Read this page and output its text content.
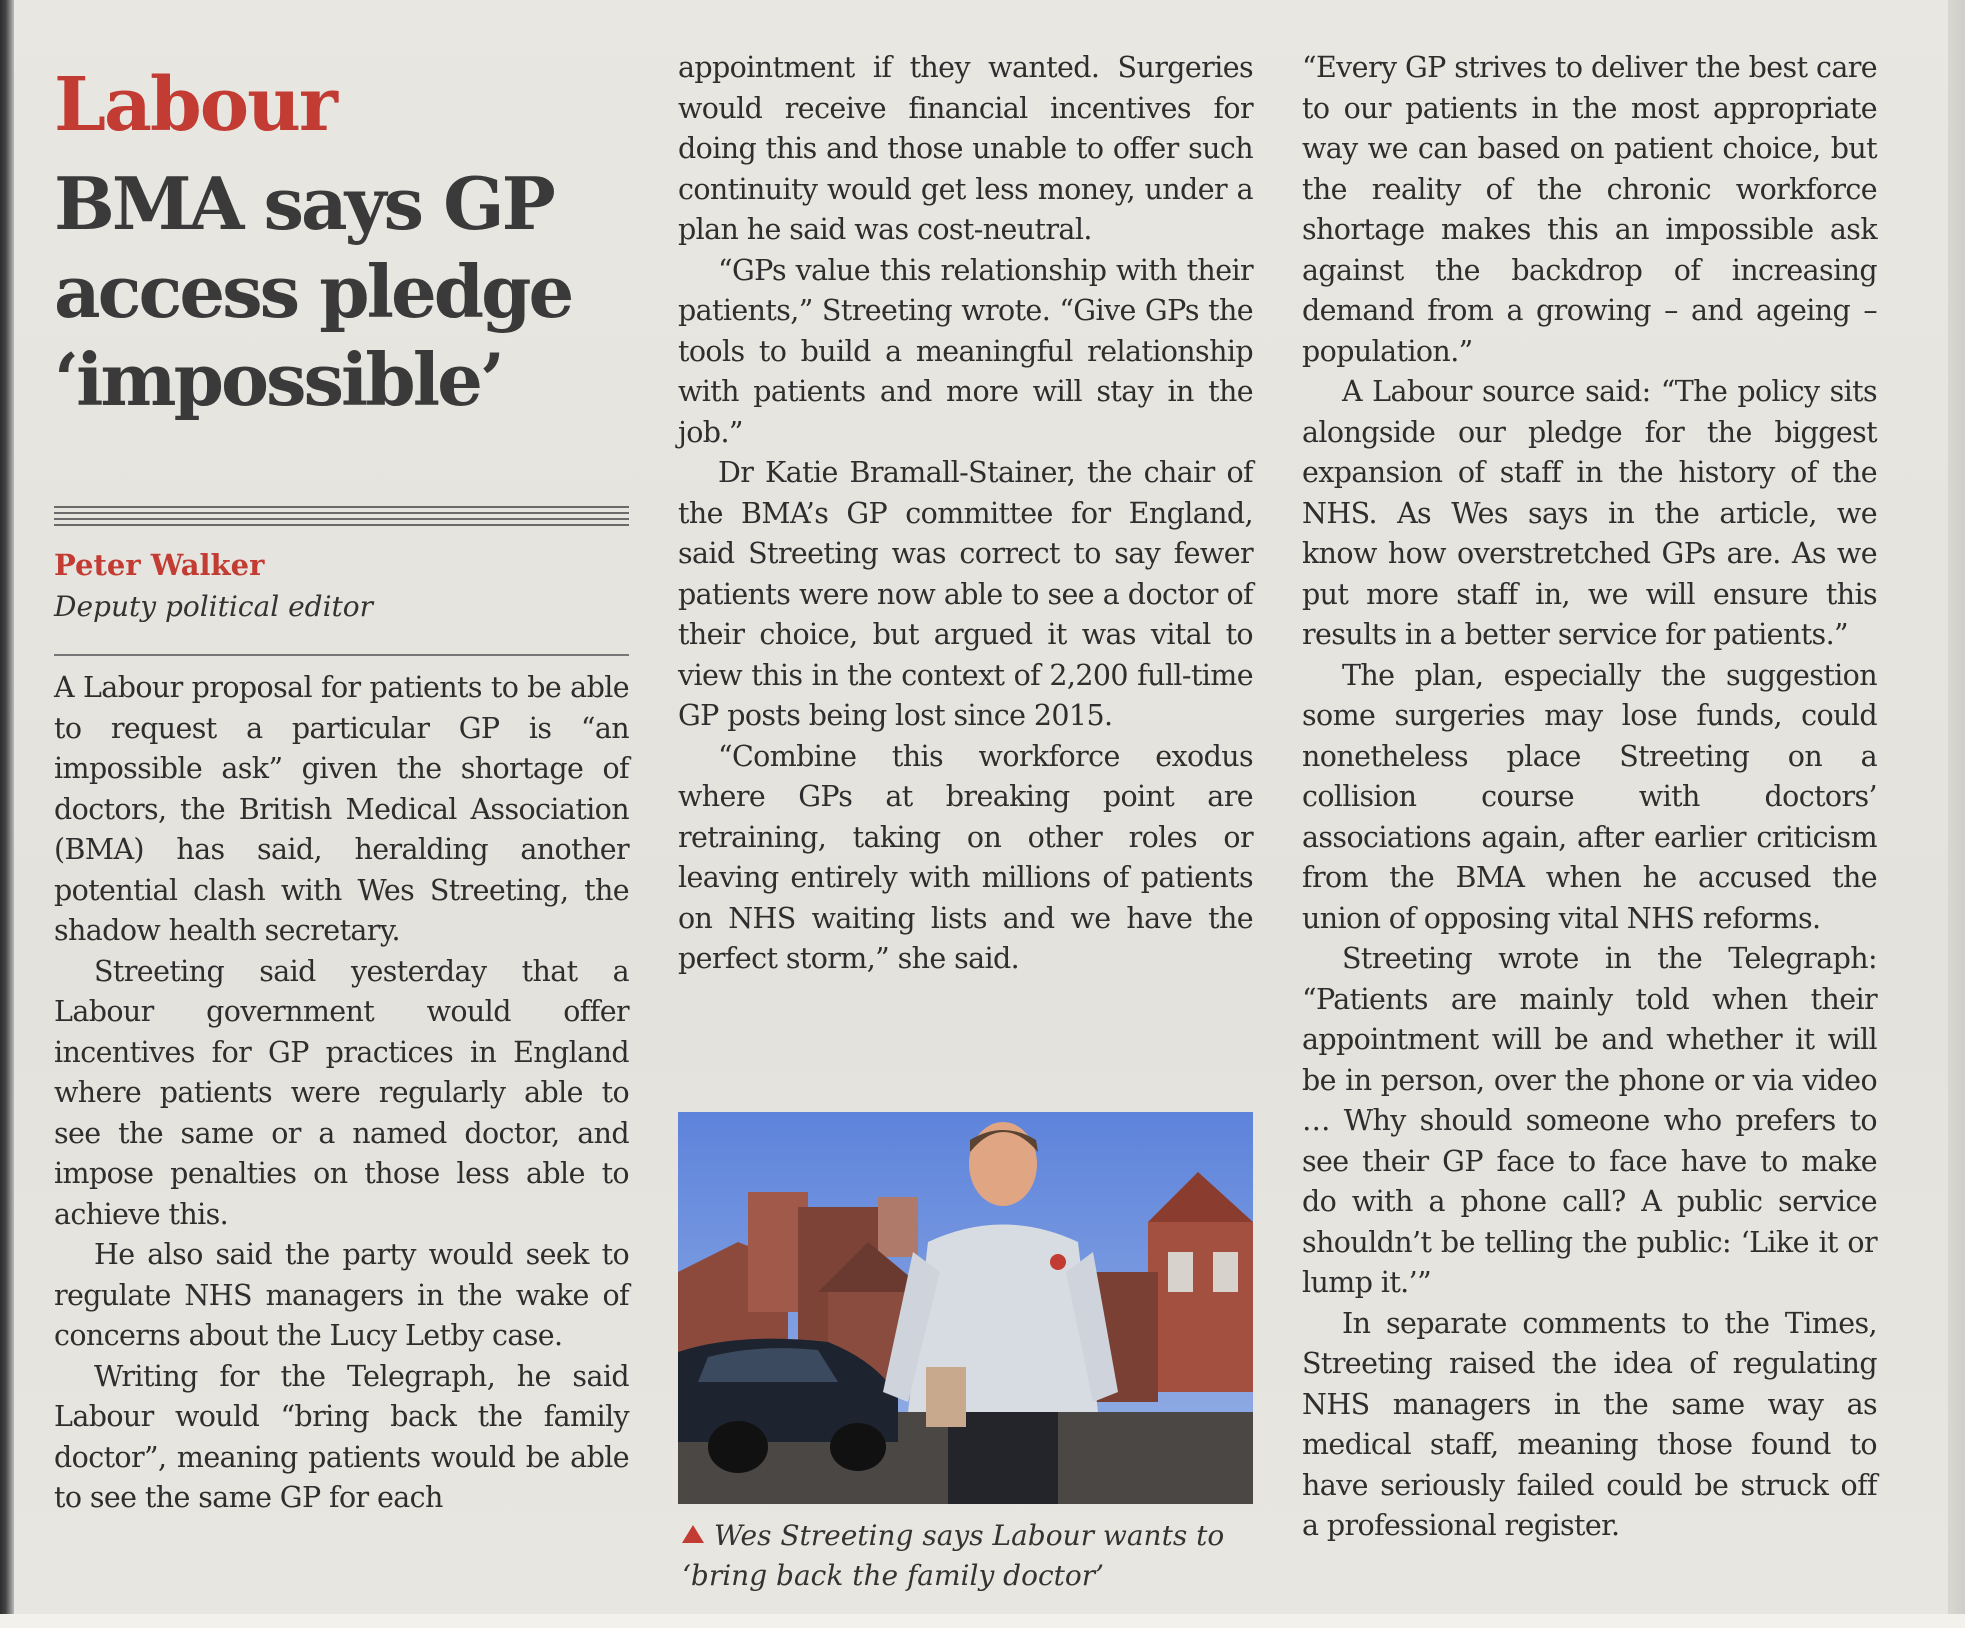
Labour
BMA says GP access pledge ‘impossible’

Peter Walker

Deputy political editor

A Labour proposal for patients to be able to request a particular GP is “an impossible ask” given the shortage of doctors, the British Medical Association (BMA) has said, heralding another potential clash with Wes Streeting, the shadow health secretary.

Streeting said yesterday that a Labour government would offer incentives for GP practices in England where patients were regularly able to see the same or a named doctor, and impose penalties on those less able to achieve this.

He also said the party would seek to regulate NHS managers in the wake of concerns about the Lucy Letby case.

Writing for the Telegraph, he said Labour would “bring back the family doctor”, meaning patients would be able to see the same GP for each

appointment if they wanted. Surgeries would receive financial incentives for doing this and those unable to offer such continuity would get less money, under a plan he said was cost-neutral.

“GPs value this relationship with their patients,” Streeting wrote. “Give GPs the tools to build a meaningful relationship with patients and more will stay in the job.”

Dr Katie Bramall-Stainer, the chair of the BMA’s GP committee for England, said Streeting was correct to say fewer patients were now able to see a doctor of their choice, but argued it was vital to view this in the context of 2,200 full-time GP posts being lost since 2015.

“Combine this workforce exodus where GPs at breaking point are retraining, taking on other roles or leaving entirely with millions of patients on NHS waiting lists and we have the perfect storm,” she said.

Wes Streeting says Labour wants to ‘bring back the family doctor’

“Every GP strives to deliver the best care to our patients in the most appropriate way we can based on patient choice, but the reality of the chronic workforce shortage makes this an impossible ask against the backdrop of increasing demand from a growing – and ageing – population.”

A Labour source said: “The policy sits alongside our pledge for the biggest expansion of staff in the history of the NHS. As Wes says in the article, we know how overstretched GPs are. As we put more staff in, we will ensure this results in a better service for patients.”

The plan, especially the suggestion some surgeries may lose funds, could nonetheless place Streeting on a collision course with doctors’ associations again, after earlier criticism from the BMA when he accused the union of opposing vital NHS reforms.

Streeting wrote in the Telegraph: “Patients are mainly told when their appointment will be and whether it will be in person, over the phone or via video … Why should someone who prefers to see their GP face to face have to make do with a phone call? A public service shouldn’t be telling the public: ‘Like it or lump it.’”

In separate comments to the Times, Streeting raised the idea of regulating NHS managers in the same way as medical staff, meaning those found to have seriously failed could be struck off a professional register.
